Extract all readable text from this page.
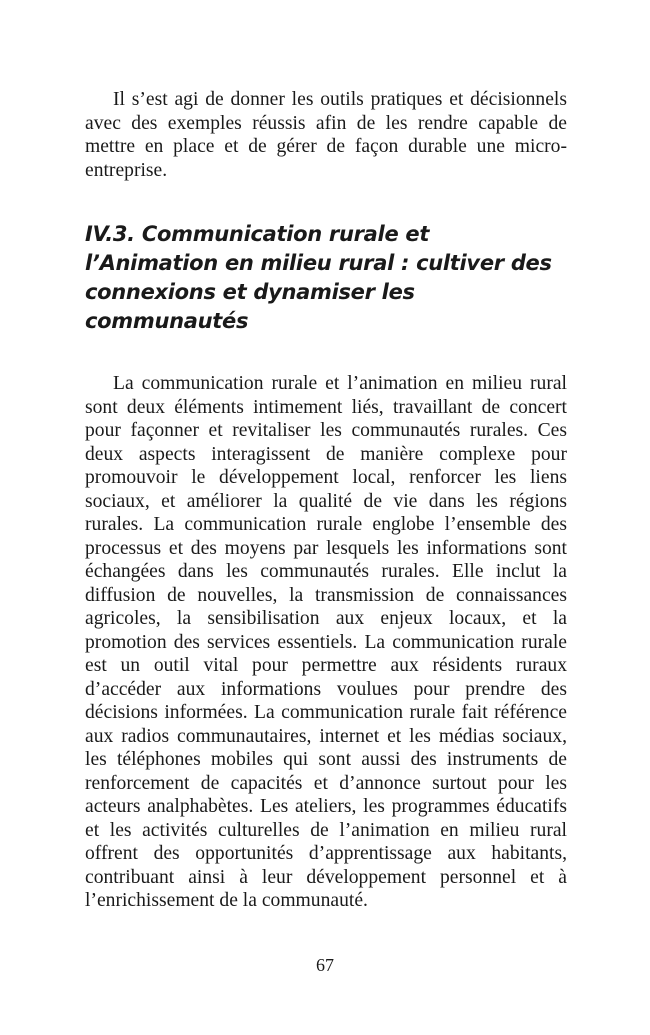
Il s’est agi de donner les outils pratiques et décisionnels avec des exemples réussis afin de les rendre capable de mettre en place et de gérer de façon durable une micro-entreprise.

IV.3. Communication rurale et l’Animation en milieu rural : cultiver des connexions et dynamiser les communautés

La communication rurale et l’animation en milieu rural sont deux éléments intimement liés, travaillant de concert pour façonner et revitaliser les communautés rurales. Ces deux aspects interagissent de manière complexe pour promouvoir le développement local, renforcer les liens sociaux, et améliorer la qualité de vie dans les régions rurales. La communication rurale englobe l’ensemble des processus et des moyens par lesquels les informations sont échangées dans les communautés rurales. Elle inclut la diffusion de nouvelles, la transmission de connaissances agricoles, la sensibilisation aux enjeux locaux, et la promotion des services essentiels. La communication rurale est un outil vital pour permettre aux résidents ruraux d’accéder aux informations voulues pour prendre des décisions informées. La communication rurale fait référence aux radios communautaires, internet et les médias sociaux, les téléphones mobiles qui sont aussi des instruments de renforcement de capacités et d’annonce surtout pour les acteurs analphabètes. Les ateliers, les programmes éducatifs et les activités culturelles de l’animation en milieu rural offrent des opportunités d’apprentissage aux habitants, contribuant ainsi à leur développement personnel et à l’enrichissement de la communauté.

67
